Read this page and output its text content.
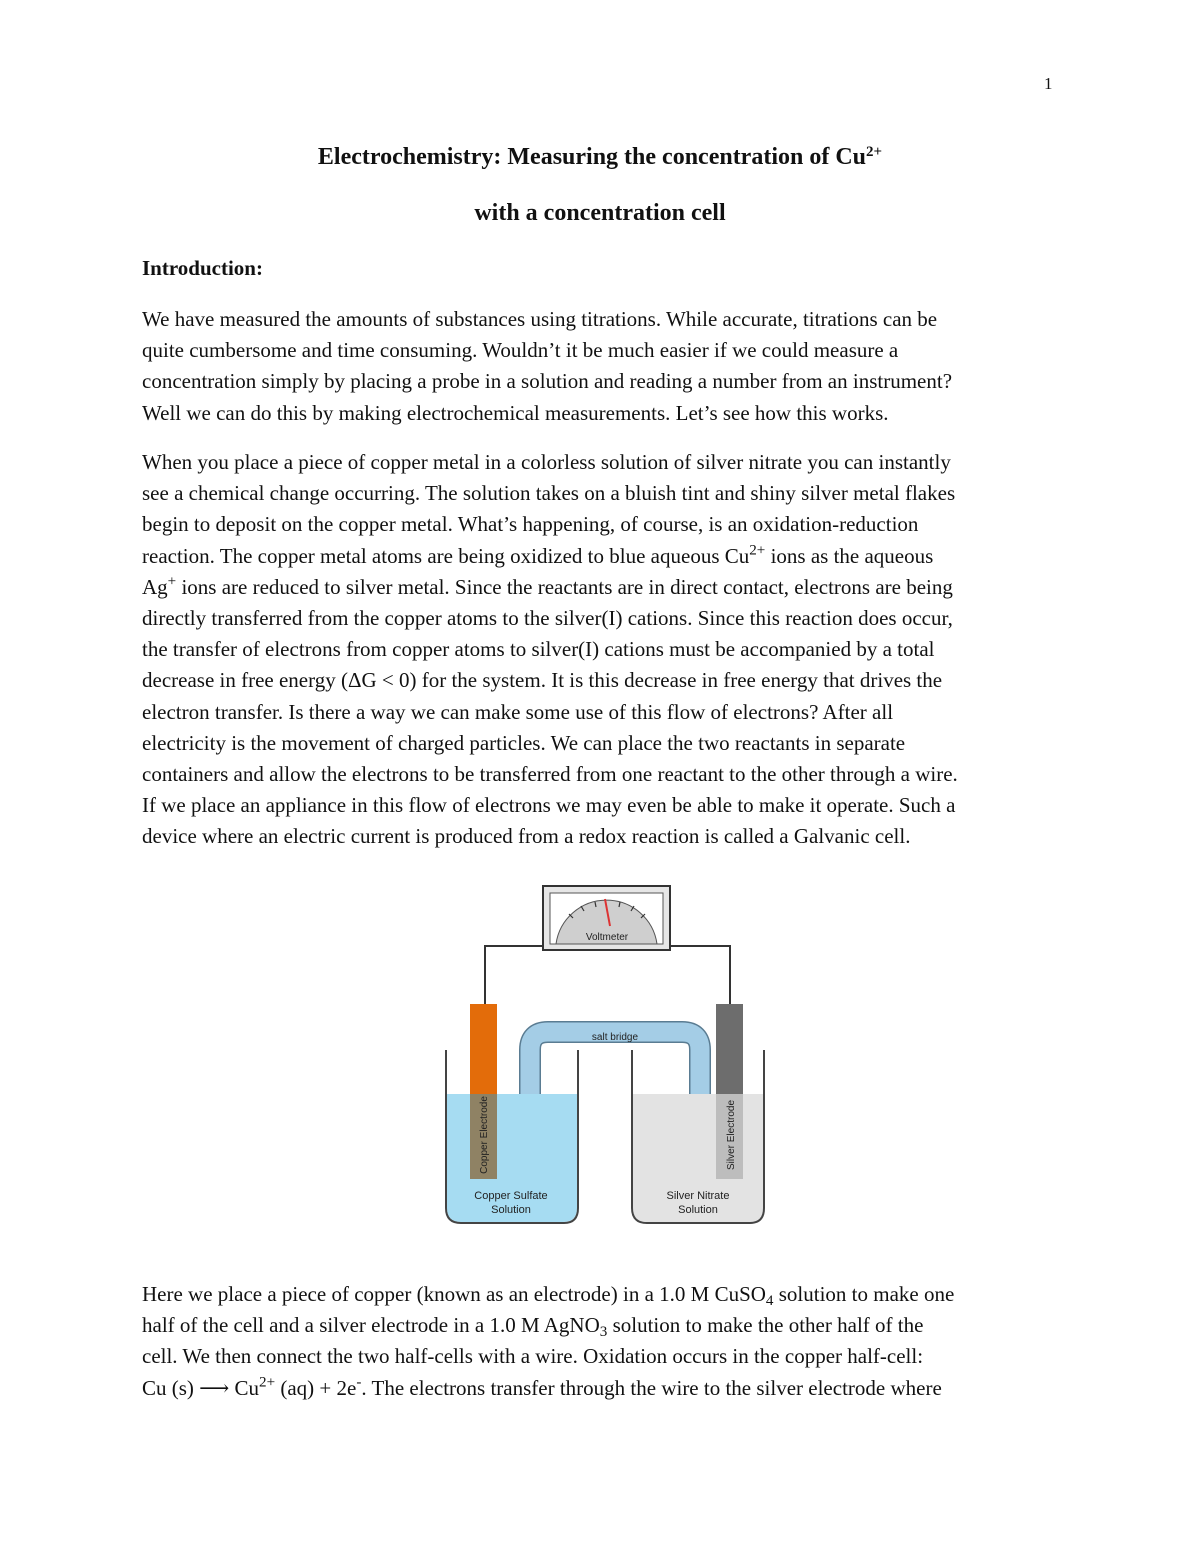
1
Electrochemistry: Measuring the concentration of $Cu^{2+}$
with a concentration cell
Introduction:
We have measured the amounts of substances using titrations. While accurate, titrations can be
quite cumbersome and time consuming. Wouldn’t it be much easier if we could measure a
concentration simply by placing a probe in a solution and reading a number from an instrument?
Well we can do this by making electrochemical measurements. Let’s see how this works.
When you place a piece of copper metal in a colorless solution of silver nitrate you can instantly
see a chemical change occurring. The solution takes on a bluish tint and shiny silver metal flakes
begin to deposit on the copper metal. What’s happening, of course, is an oxidation-reduction
reaction. The copper metal atoms are being oxidized to blue aqueous $Cu^{2+}$ ions as the aqueous
Ag+ ions are reduced to silver metal. Since the reactants are in direct contact, electrons are being
directly transferred from the copper atoms to the silver(I) cations. Since this reaction does occur,
the transfer of electrons from copper atoms to silver(I) cations must be accompanied by a total
decrease in free energy (ΔG < 0) for the system. It is this decrease in free energy that drives the
electron transfer. Is there a way we can make some use of this flow of electrons? After all
electricity is the movement of charged particles. We can place the two reactants in separate
containers and allow the electrons to be transferred from one reactant to the other through a wire.
If we place an appliance in this flow of electrons we may even be able to make it operate. Such a
device where an electric current is produced from a redox reaction is called a Galvanic cell.
Voltmeter
salt bridge
Copper Electrode
Copper Sulfate
Solution
Silver Electrode
Silver Nitrate
Solution
Here we place a piece of copper (known as an electrode) in a 1.0 M CuSO$_4$ solution to make one
half of the cell and a silver electrode in a 1.0 M AgNO$_3$ solution to make the other half of the
cell. We then connect the two half-cells with a wire. Oxidation occurs in the copper half-cell:
Cu (s) ⟶ $Cu^{2+}$ (aq) + 2e-. The electrons transfer through the wire to the silver electrode where
